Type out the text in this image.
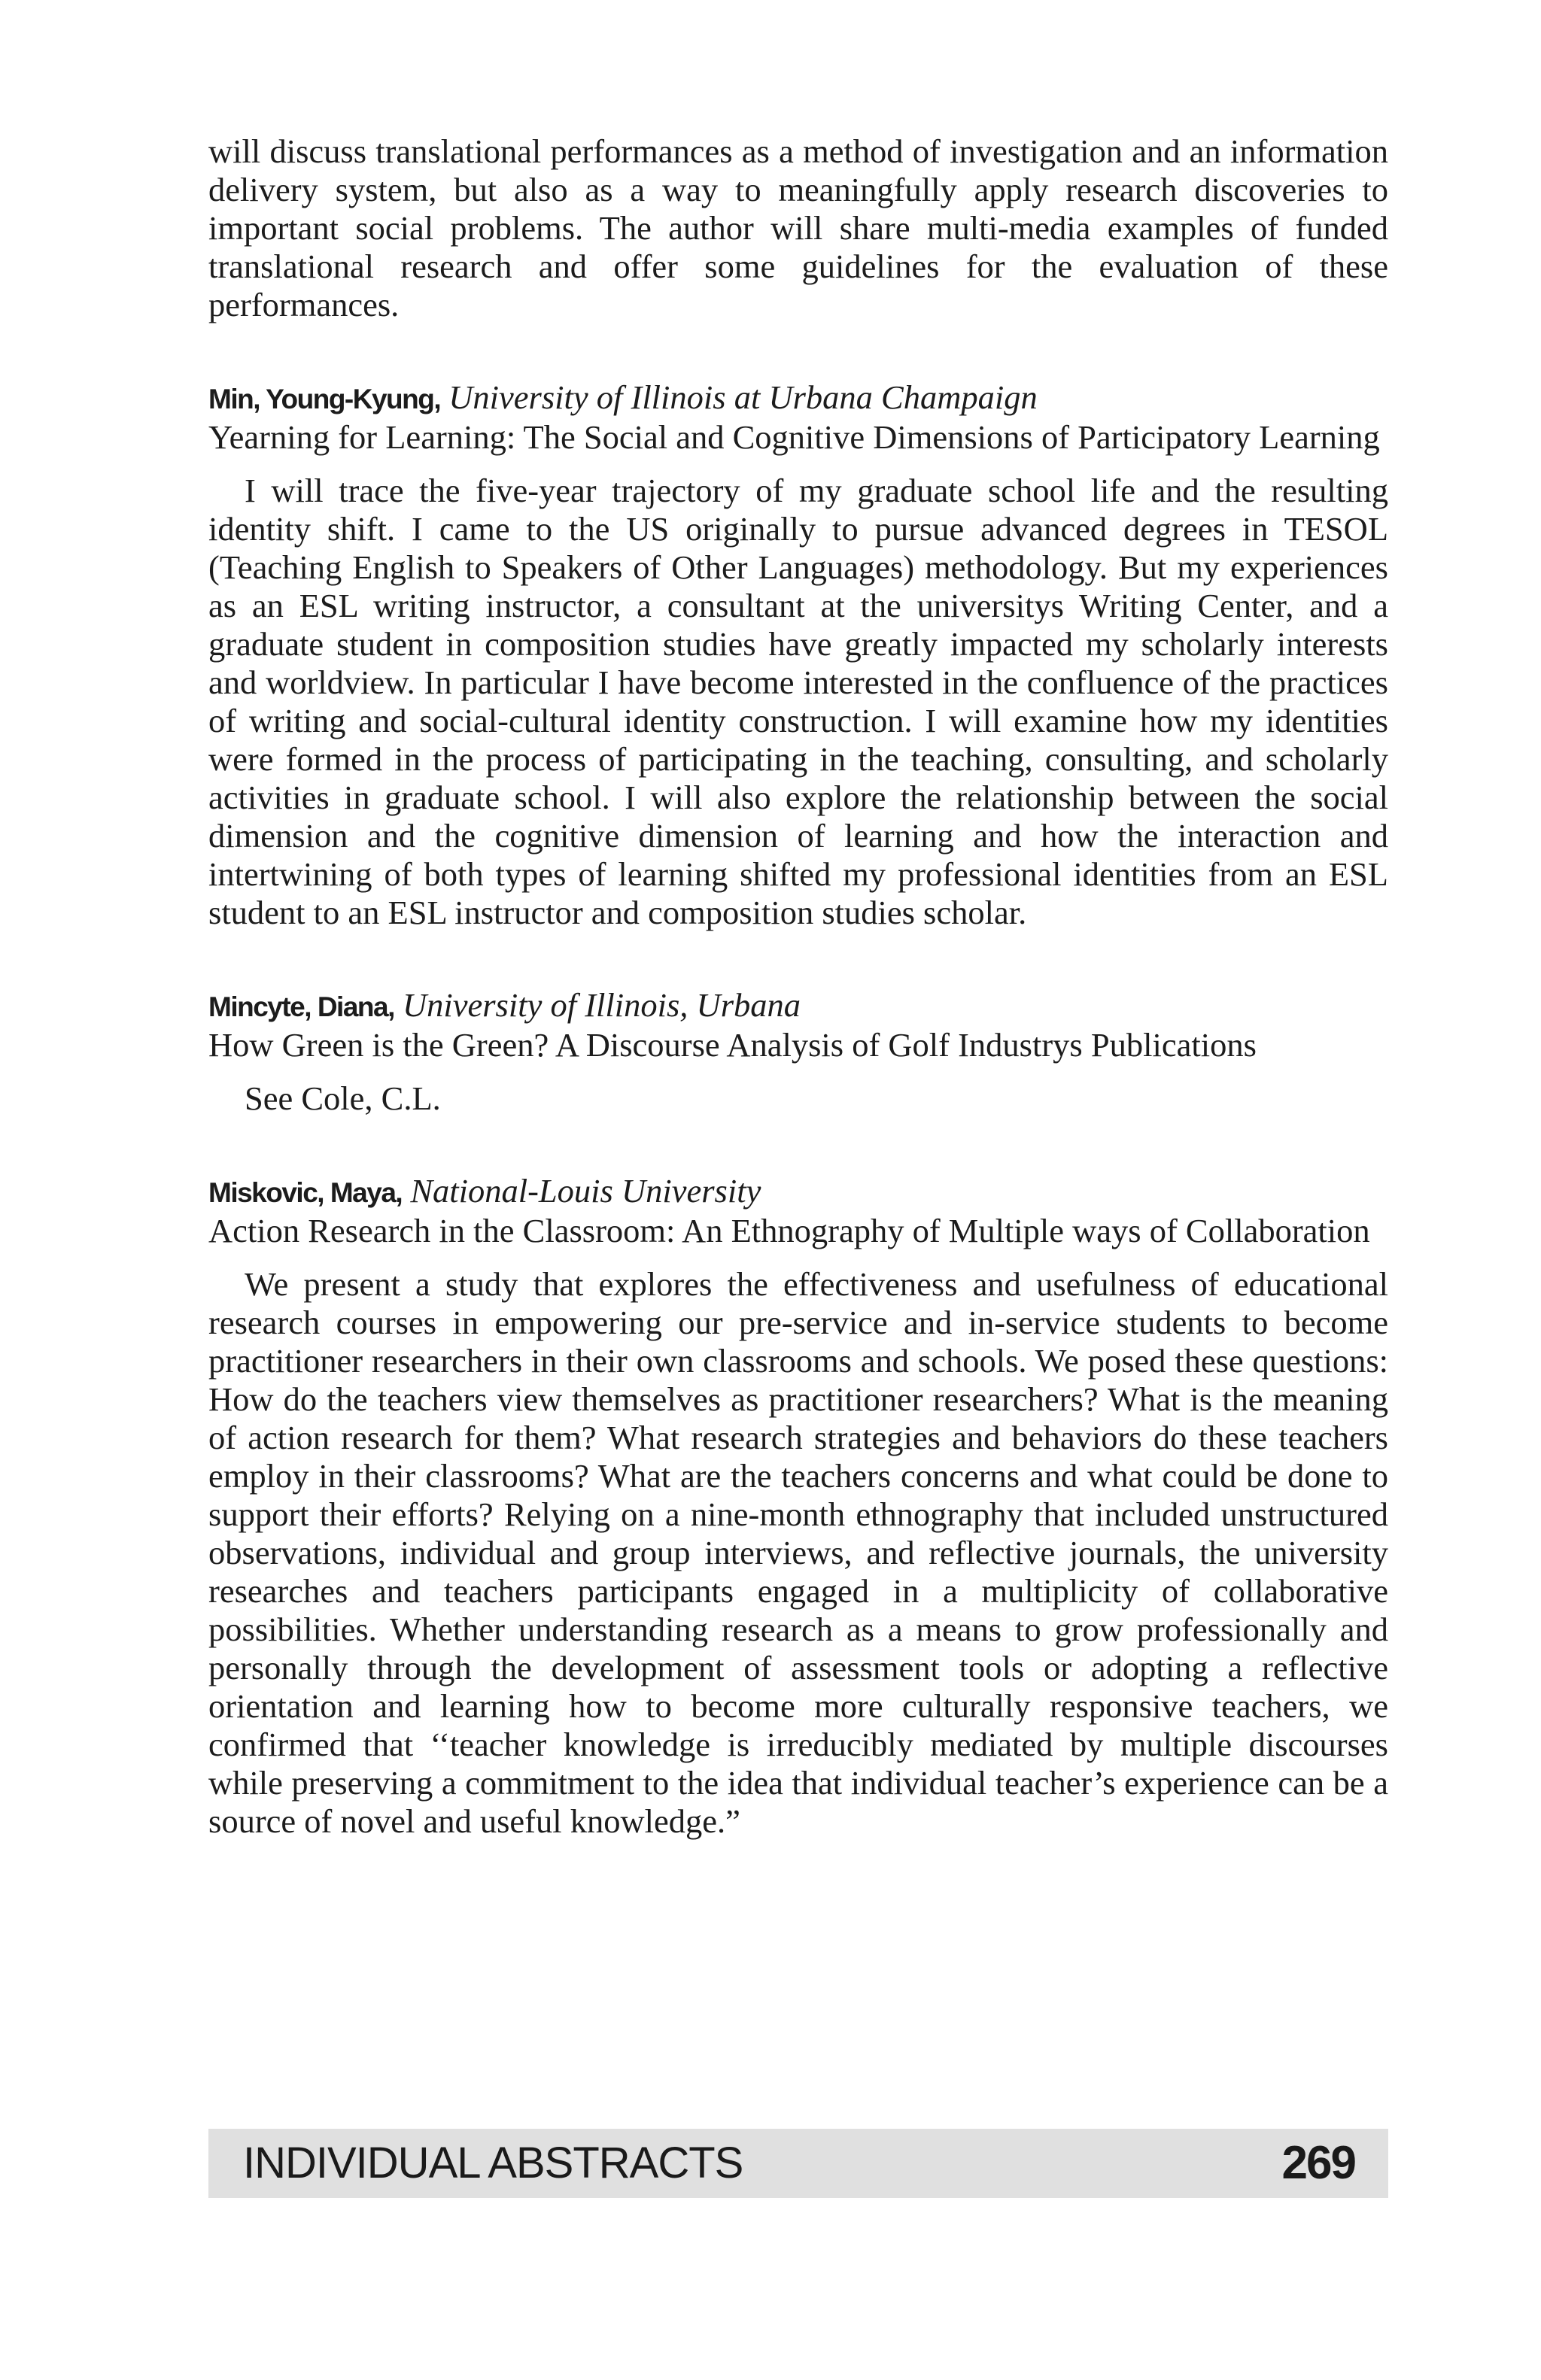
will discuss translational performances as a method of investigation and an information delivery system, but also as a way to meaningfully apply research discoveries to important social problems. The author will share multi-media examples of funded translational research and offer some guidelines for the evaluation of these performances.

Min, Young-Kyung, University of Illinois at Urbana Champaign

Yearning for Learning: The Social and Cognitive Dimensions of Participatory Learning

I will trace the five-year trajectory of my graduate school life and the resulting identity shift. I came to the US originally to pursue advanced degrees in TESOL (Teaching English to Speakers of Other Languages) methodology. But my experiences as an ESL writing instructor, a consultant at the universitys Writing Center, and a graduate student in composition studies have greatly impacted my scholarly interests and worldview. In particular I have become interested in the confluence of the practices of writing and social-cultural identity construction. I will examine how my identities were formed in the process of participating in the teaching, consulting, and scholarly activities in graduate school. I will also explore the relationship between the social dimension and the cognitive dimension of learning and how the interaction and intertwining of both types of learning shifted my professional identities from an ESL student to an ESL instructor and composition studies scholar.

Mincyte, Diana, University of Illinois, Urbana

How Green is the Green? A Discourse Analysis of Golf Industrys Publications

See Cole, C.L.

Miskovic, Maya, National-Louis University

Action Research in the Classroom: An Ethnography of Multiple ways of Collaboration

We present a study that explores the effectiveness and usefulness of educational research courses in empowering our pre-service and in-service students to become practitioner researchers in their own classrooms and schools. We posed these questions: How do the teachers view themselves as practitioner researchers? What is the meaning of action research for them? What research strategies and behaviors do these teachers employ in their classrooms? What are the teachers concerns and what could be done to support their efforts? Relying on a nine-month ethnography that included unstructured observations, individual and group interviews, and reflective journals, the university researches and teachers participants engaged in a multiplicity of collaborative possibilities. Whether understanding research as a means to grow professionally and personally through the development of assessment tools or adopting a reflective orientation and learning how to become more culturally responsive teachers, we confirmed that ‘‘teacher knowledge is irreducibly mediated by multiple discourses while preserving a commitment to the idea that individual teacher’s experience can be a source of novel and useful knowledge.”

INDIVIDUAL ABSTRACTS	269
